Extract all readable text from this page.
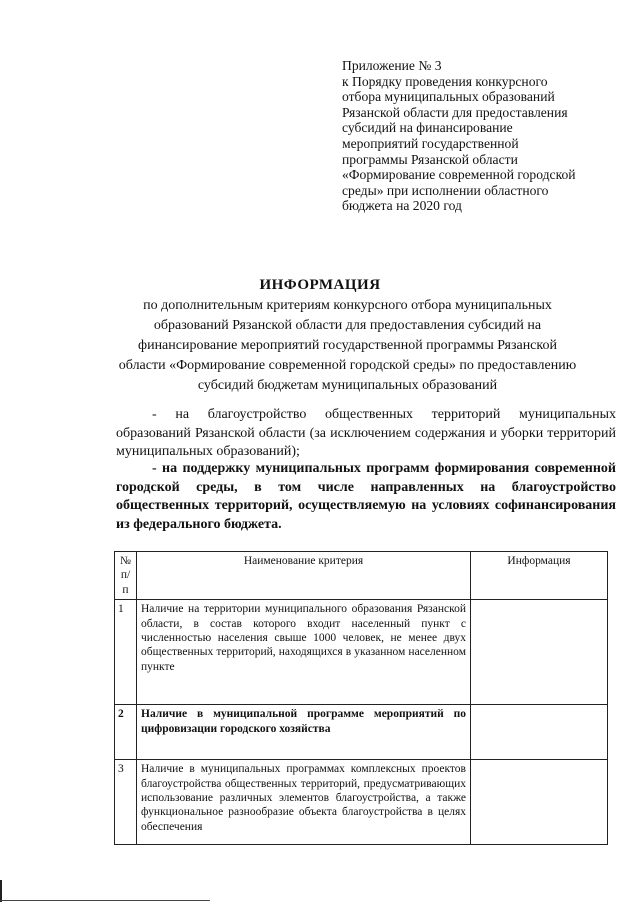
Приложение № 3
к Порядку проведения конкурсного
отбора муниципальных образований
Рязанской области для предоставления
субсидий на финансирование
мероприятий государственной
программы Рязанской области
«Формирование современной городской
среды» при исполнении областного
бюджета на 2020 год
ИНФОРМАЦИЯ
по дополнительным критериям конкурсного отбора муниципальных
образований Рязанской области для предоставления субсидий на
финансирование мероприятий государственной программы Рязанской
области «Формирование современной городской среды» по предоставлению
субсидий бюджетам муниципальных образований
- на благоустройство общественных территорий муниципальных образований Рязанской области (за исключением содержания и уборки территорий муниципальных образований);
- на поддержку муниципальных программ формирования современной городской среды, в том числе направленных на благоустройство общественных территорий, осуществляемую на условиях софинансирования из федерального бюджета.
№ п/п	Наименование критерия	Информация
1	Наличие на территории муниципального образования Рязанской области, в состав которого входит населенный пункт с численностью населения свыше 1000 человек, не менее двух общественных территорий, находящихся в указанном населенном пункте	
2	Наличие в муниципальной программе мероприятий по цифровизации городского хозяйства	
3	Наличие в муниципальных программах комплексных проектов благоустройства общественных территорий, предусматривающих использование различных элементов благоустройства, а также функциональное разнообразие объекта благоустройства в целях обеспечения	
